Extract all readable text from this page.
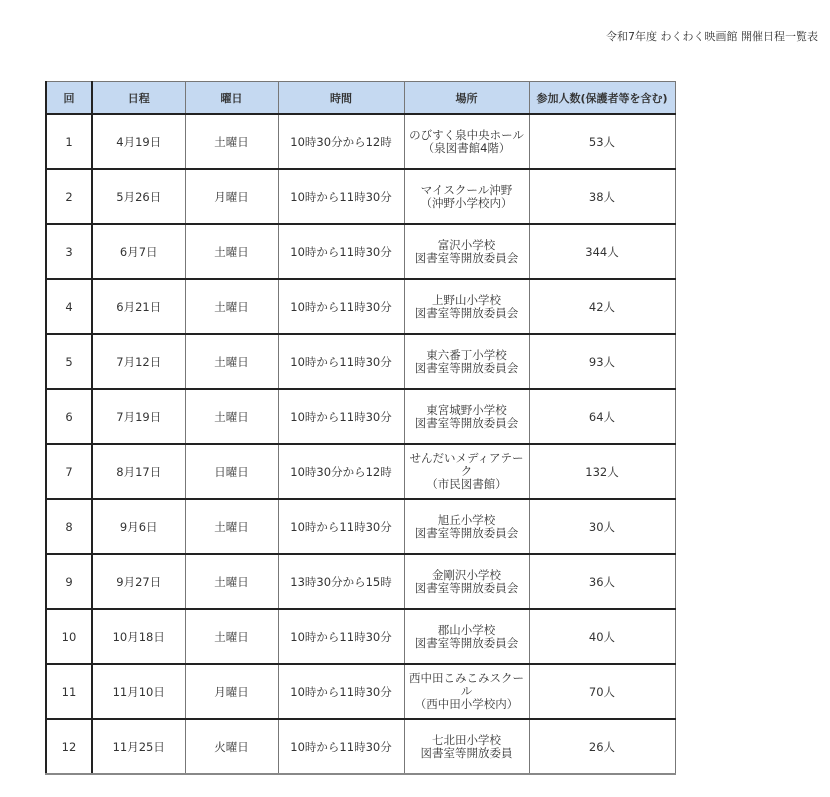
令和7年度 わくわく映画館 開催日程一覧表
回	日程	曜日	時間	場所	参加人数(保護者等を含む)
1	4月19日	土曜日	10時30分から12時	のびすく泉中央ホール
（泉図書館4階）	53人
2	5月26日	月曜日	10時から11時30分	マイスクール沖野
（沖野小学校内）	38人
3	6月7日	土曜日	10時から11時30分	富沢小学校
図書室等開放委員会	344人
4	6月21日	土曜日	10時から11時30分	上野山小学校
図書室等開放委員会	42人
5	7月12日	土曜日	10時から11時30分	東六番丁小学校
図書室等開放委員会	93人
6	7月19日	土曜日	10時から11時30分	東宮城野小学校
図書室等開放委員会	64人
7	8月17日	日曜日	10時30分から12時	せんだいメディアテーク
（市民図書館）	132人
8	9月6日	土曜日	10時から11時30分	旭丘小学校
図書室等開放委員会	30人
9	9月27日	土曜日	13時30分から15時	金剛沢小学校
図書室等開放委員会	36人
10	10月18日	土曜日	10時から11時30分	郡山小学校
図書室等開放委員会	40人
11	11月10日	月曜日	10時から11時30分	西中田こみこみスクール
（西中田小学校内）	70人
12	11月25日	火曜日	10時から11時30分	七北田小学校
図書室等開放委員	26人
